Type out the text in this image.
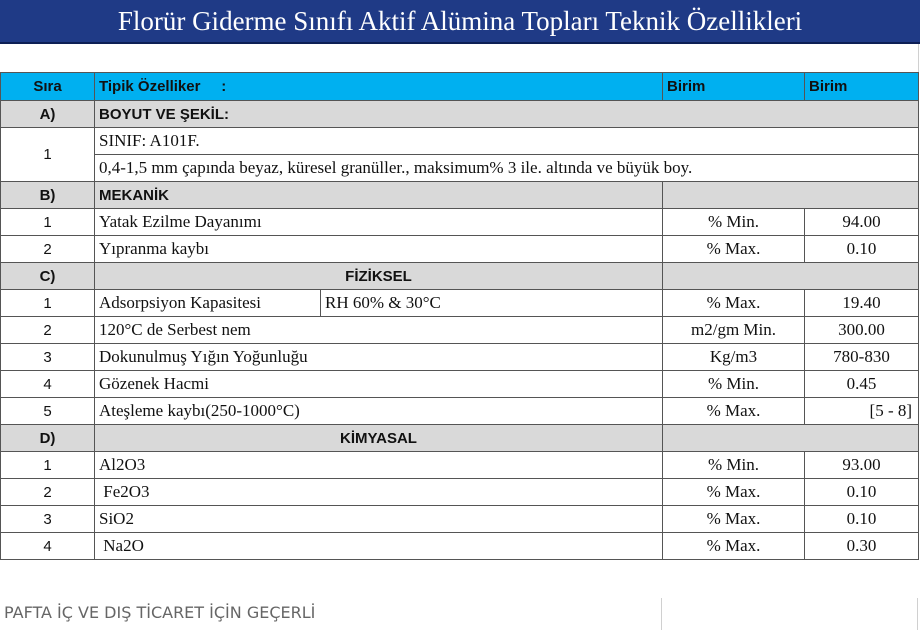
Florür Giderme Sınıfı Aktif Alümina Topları Teknik Özellikleri
Sıra	Tipik Özelliker     :		Birim	Birim
A)	BOYUT VE ŞEKİL:			
1	SINIF: A101F.			
	0,4-1,5 mm çapında beyaz, küresel granüller., maksimum% 3 ile. altında ve büyük boy.			
B)	MEKANİK			
1	Yatak Ezilme Dayanımı		% Min.	94.00
2	Yıpranma kaybı		% Max.	0.10
C)	FİZİKSEL			
1	Adsorpsiyon Kapasitesi	RH 60% & 30°C	% Max.	19.40
2	120°C de Serbest nem		m2/gm Min.	300.00
3	Dokunulmuş Yığın Yoğunluğu		Kg/m3	780-830
4	Gözenek Hacmi		% Min.	0.45
5	Ateşleme kaybı(250-1000°C)		% Max.	[5 - 8]
D)	KİMYASAL			
1	Al2O3		% Min.	93.00
2	Fe2O3		% Max.	0.10
3	SiO2		% Max.	0.10
4	Na2O		% Max.	0.30
PAFTA İÇ VE DIŞ TİCARET İÇİN GEÇERLİ
